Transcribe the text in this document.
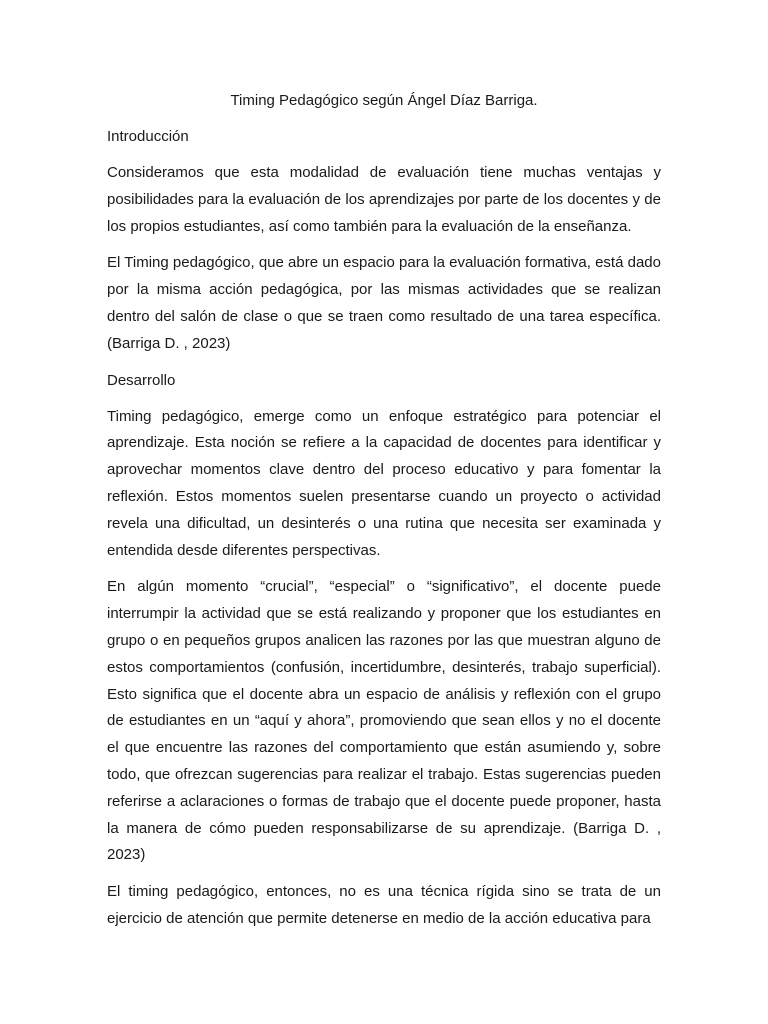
Timing Pedagógico según Ángel Díaz Barriga.

Introducción

Consideramos que esta modalidad de evaluación tiene muchas ventajas y posibilidades para la evaluación de los aprendizajes por parte de los docentes y de los propios estudiantes, así como también para la evaluación de la enseñanza.

El Timing pedagógico, que abre un espacio para la evaluación formativa, está dado por la misma acción pedagógica, por las mismas actividades que se realizan dentro del salón de clase o que se traen como resultado de una tarea específica. (Barriga D. , 2023)

Desarrollo

Timing pedagógico, emerge como un enfoque estratégico para potenciar el aprendizaje. Esta noción se refiere a la capacidad de docentes para identificar y aprovechar momentos clave dentro del proceso educativo y para fomentar la reflexión. Estos momentos suelen presentarse cuando un proyecto o actividad revela una dificultad, un desinterés o una rutina que necesita ser examinada y entendida desde diferentes perspectivas.

En algún momento “crucial”, “especial” o “significativo”, el docente puede interrumpir la actividad que se está realizando y proponer que los estudiantes en grupo o en pequeños grupos analicen las razones por las que muestran alguno de estos comportamientos (confusión, incertidumbre, desinterés, trabajo superficial). Esto significa que el docente abra un espacio de análisis y reflexión con el grupo de estudiantes en un “aquí y ahora”, promoviendo que sean ellos y no el docente el que encuentre las razones del comportamiento que están asumiendo y, sobre todo, que ofrezcan sugerencias para realizar el trabajo. Estas sugerencias pueden referirse a aclaraciones o formas de trabajo que el docente puede proponer, hasta la manera de cómo pueden responsabilizarse de su aprendizaje. (Barriga D. , 2023)

El timing pedagógico, entonces, no es una técnica rígida sino se trata de un ejercicio de atención que permite detenerse en medio de la acción educativa para
